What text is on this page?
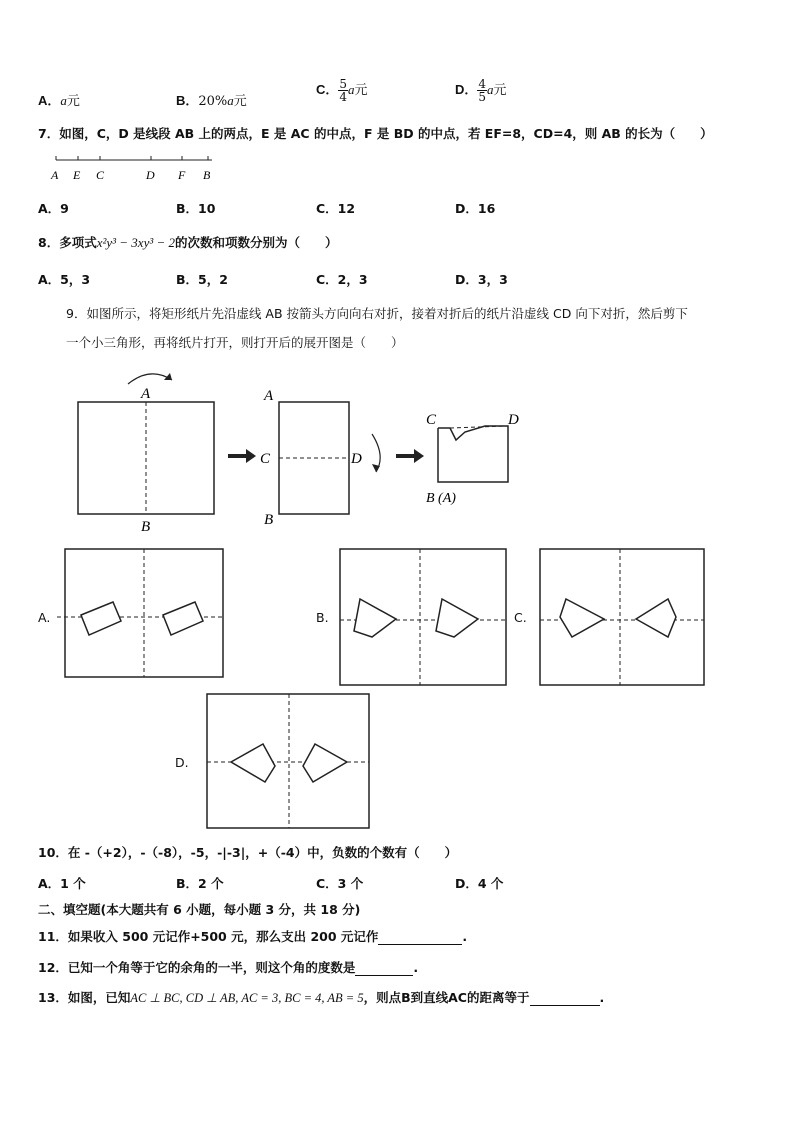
A．a元	B．20%a元
C． $\frac{5}{4}$ a元	D． $\frac{4}{5}$ a元
7．如图，C，D 是线段 AB 上的两点，E 是 AC 的中点，F 是 BD 的中点，若 EF=8，CD=4，则 AB 的长为（　　）
A E C	D F B
A．9	B．10	C．12	D．16
8．多项式x²y³ − 3xy³ − 2的次数和项数分别为（　　）
A．5，3	B．5，2	C．2，3	D．3，3
9．如图所示，将矩形纸片先沿虚线 AB 按箭头方向向右对折，接着对折后的纸片沿虚线 CD 向下对折，然后剪下
一个小三角形，再将纸片打开，则打开后的展开图是（　　）
A
B
A
B
C	D
C	D
B (A)
A.	B.	C.
D.
10．在 -（+2），-（-8），-5，-|-3|，+（-4）中，负数的个数有（　　）
A．1 个	B．2 个	C．3 个	D．4 个
二、填空题(本大题共有 6 小题，每小题 3 分，共 18 分)
11．如果收入 500 元记作+500 元，那么支出 200 元记作	.
12．已知一个角等于它的余角的一半，则这个角的度数是	.
13．如图，已知AC ⊥ BC, CD ⊥ AB, AC = 3, BC = 4, AB = 5，则点B到直线AC的距离等于	.
